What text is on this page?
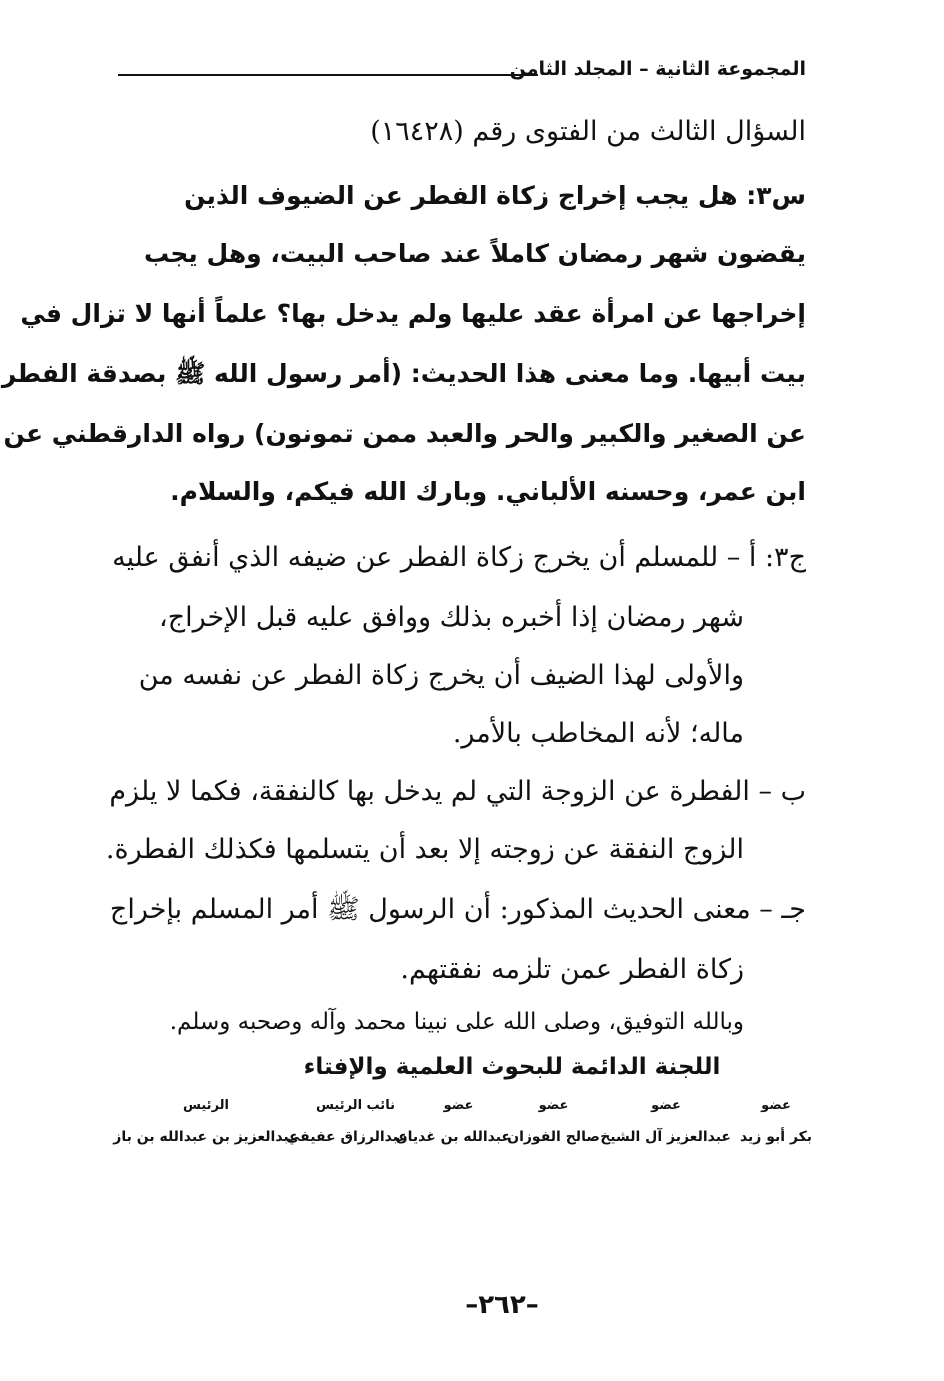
المجموعة الثانية – المجلد الثامن
السؤال الثالث من الفتوى رقم (١٦٤٢٨)
س٣: هل يجب إخراج زكاة الفطر عن الضيوف الذين
يقضون شهر رمضان كاملاً عند صاحب البيت، وهل يجب
إخراجها عن امرأة عقد عليها ولم يدخل بها؟ علماً أنها لا تزال في
بيت أبيها. وما معنى هذا الحديث: (أمر رسول الله ﷺ بصدقة الفطر
عن الصغير والكبير والحر والعبد ممن تمونون) رواه الدارقطني عن
ابن عمر، وحسنه الألباني. وبارك الله فيكم، والسلام.
ج٣: أ – للمسلم أن يخرج زكاة الفطر عن ضيفه الذي أنفق عليه
شهر رمضان إذا أخبره بذلك ووافق عليه قبل الإخراج،
والأولى لهذا الضيف أن يخرج زكاة الفطر عن نفسه من
ماله؛ لأنه المخاطب بالأمر.
ب – الفطرة عن الزوجة التي لم يدخل بها كالنفقة، فكما لا يلزم
الزوج النفقة عن زوجته إلا بعد أن يتسلمها فكذلك الفطرة.
جـ – معنى الحديث المذكور: أن الرسول ﷺ أمر المسلم بإخراج
زكاة الفطر عمن تلزمه نفقتهم.
وبالله التوفيق، وصلى الله على نبينا محمد وآله وصحبه وسلم.
اللجنة الدائمة للبحوث العلمية والإفتاء
عضو
بكر أبو زيد
عضو
عبدالعزيز آل الشيخ
عضو
صالح الفوزان
عضو
عبدالله بن غديان
نائب الرئيس
عبدالرزاق عفيفي
الرئيس
عبدالعزيز بن عبدالله بن باز
–٢٦٢–
